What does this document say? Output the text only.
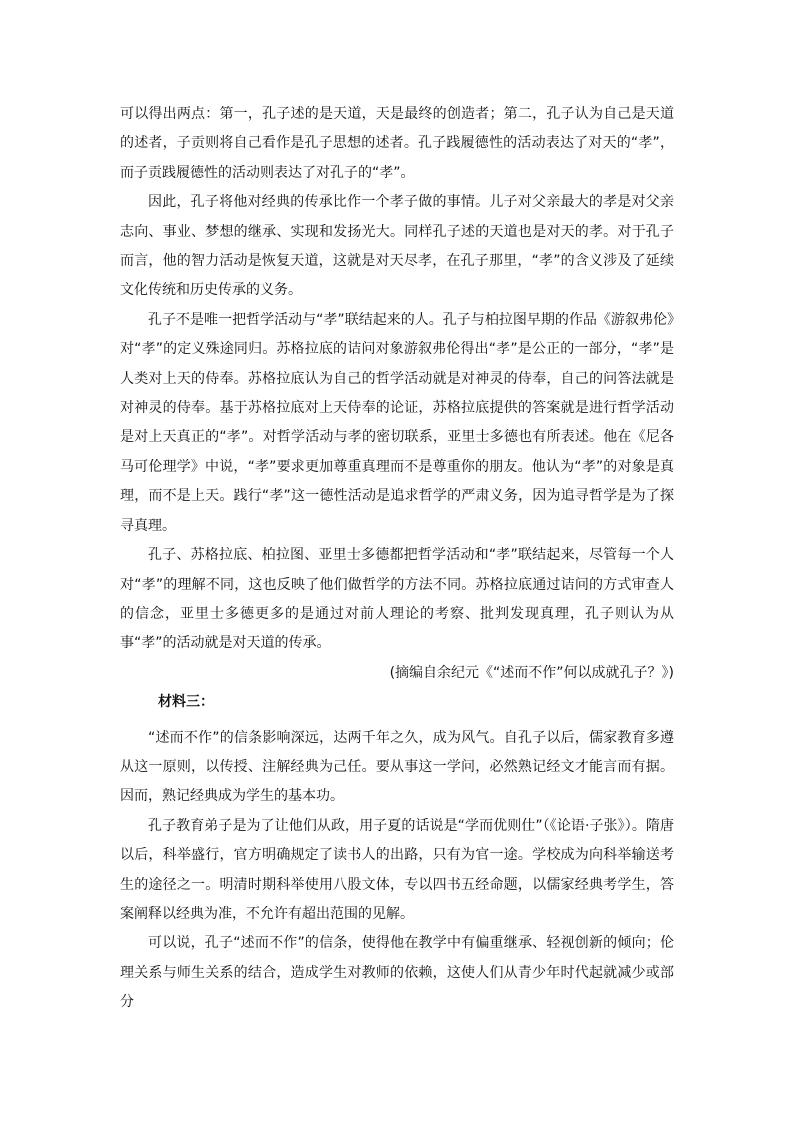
可以得出两点：第一，孔子述的是天道，天是最终的创造者；第二，孔子认为自己是天道的述者，子贡则将自己看作是孔子思想的述者。孔子践履德性的活动表达了对天的“孝”，而子贡践履德性的活动则表达了对孔子的“孝”。

因此，孔子将他对经典的传承比作一个孝子做的事情。儿子对父亲最大的孝是对父亲志向、事业、梦想的继承、实现和发扬光大。同样孔子述的天道也是对天的孝。对于孔子而言，他的智力活动是恢复天道，这就是对天尽孝，在孔子那里，“孝”的含义涉及了延续文化传统和历史传承的义务。

孔子不是唯一把哲学活动与“孝”联结起来的人。孔子与柏拉图早期的作品《游叙弗伦》对“孝”的定义殊途同归。苏格拉底的诘问对象游叙弗伦得出“孝”是公正的一部分，“孝”是人类对上天的侍奉。苏格拉底认为自己的哲学活动就是对神灵的侍奉，自己的问答法就是对神灵的侍奉。基于苏格拉底对上天侍奉的论证，苏格拉底提供的答案就是进行哲学活动是对上天真正的“孝”。对哲学活动与孝的密切联系，亚里士多德也有所表述。他在《尼各马可伦理学》中说，“孝”要求更加尊重真理而不是尊重你的朋友。他认为“孝”的对象是真理，而不是上天。践行“孝”这一德性活动是追求哲学的严肃义务，因为追寻哲学是为了探寻真理。

孔子、苏格拉底、柏拉图、亚里士多德都把哲学活动和“孝”联结起来，尽管每一个人对“孝”的理解不同，这也反映了他们做哲学的方法不同。苏格拉底通过诘问的方式审查人的信念，亚里士多德更多的是通过对前人理论的考察、批判发现真理，孔子则认为从事“孝”的活动就是对天道的传承。

(摘编自余纪元《“述而不作”何以成就孔子？》)

材料三：

“述而不作”的信条影响深远，达两千年之久，成为风气。自孔子以后，儒家教育多遵从这一原则，以传授、注解经典为己任。要从事这一学问，必然熟记经文才能言而有据。因而，熟记经典成为学生的基本功。

孔子教育弟子是为了让他们从政，用子夏的话说是“学而优则仕”（《论语·子张》）。隋唐以后，科举盛行，官方明确规定了读书人的出路，只有为官一途。学校成为向科举输送考生的途径之一。明清时期科举使用八股文体，专以四书五经命题，以儒家经典考学生，答案阐释以经典为准，不允许有超出范围的见解。

可以说，孔子“述而不作”的信条，使得他在教学中有偏重继承、轻视创新的倾向；伦理关系与师生关系的结合，造成学生对教师的依赖，这使人们从青少年时代起就减少或部分
